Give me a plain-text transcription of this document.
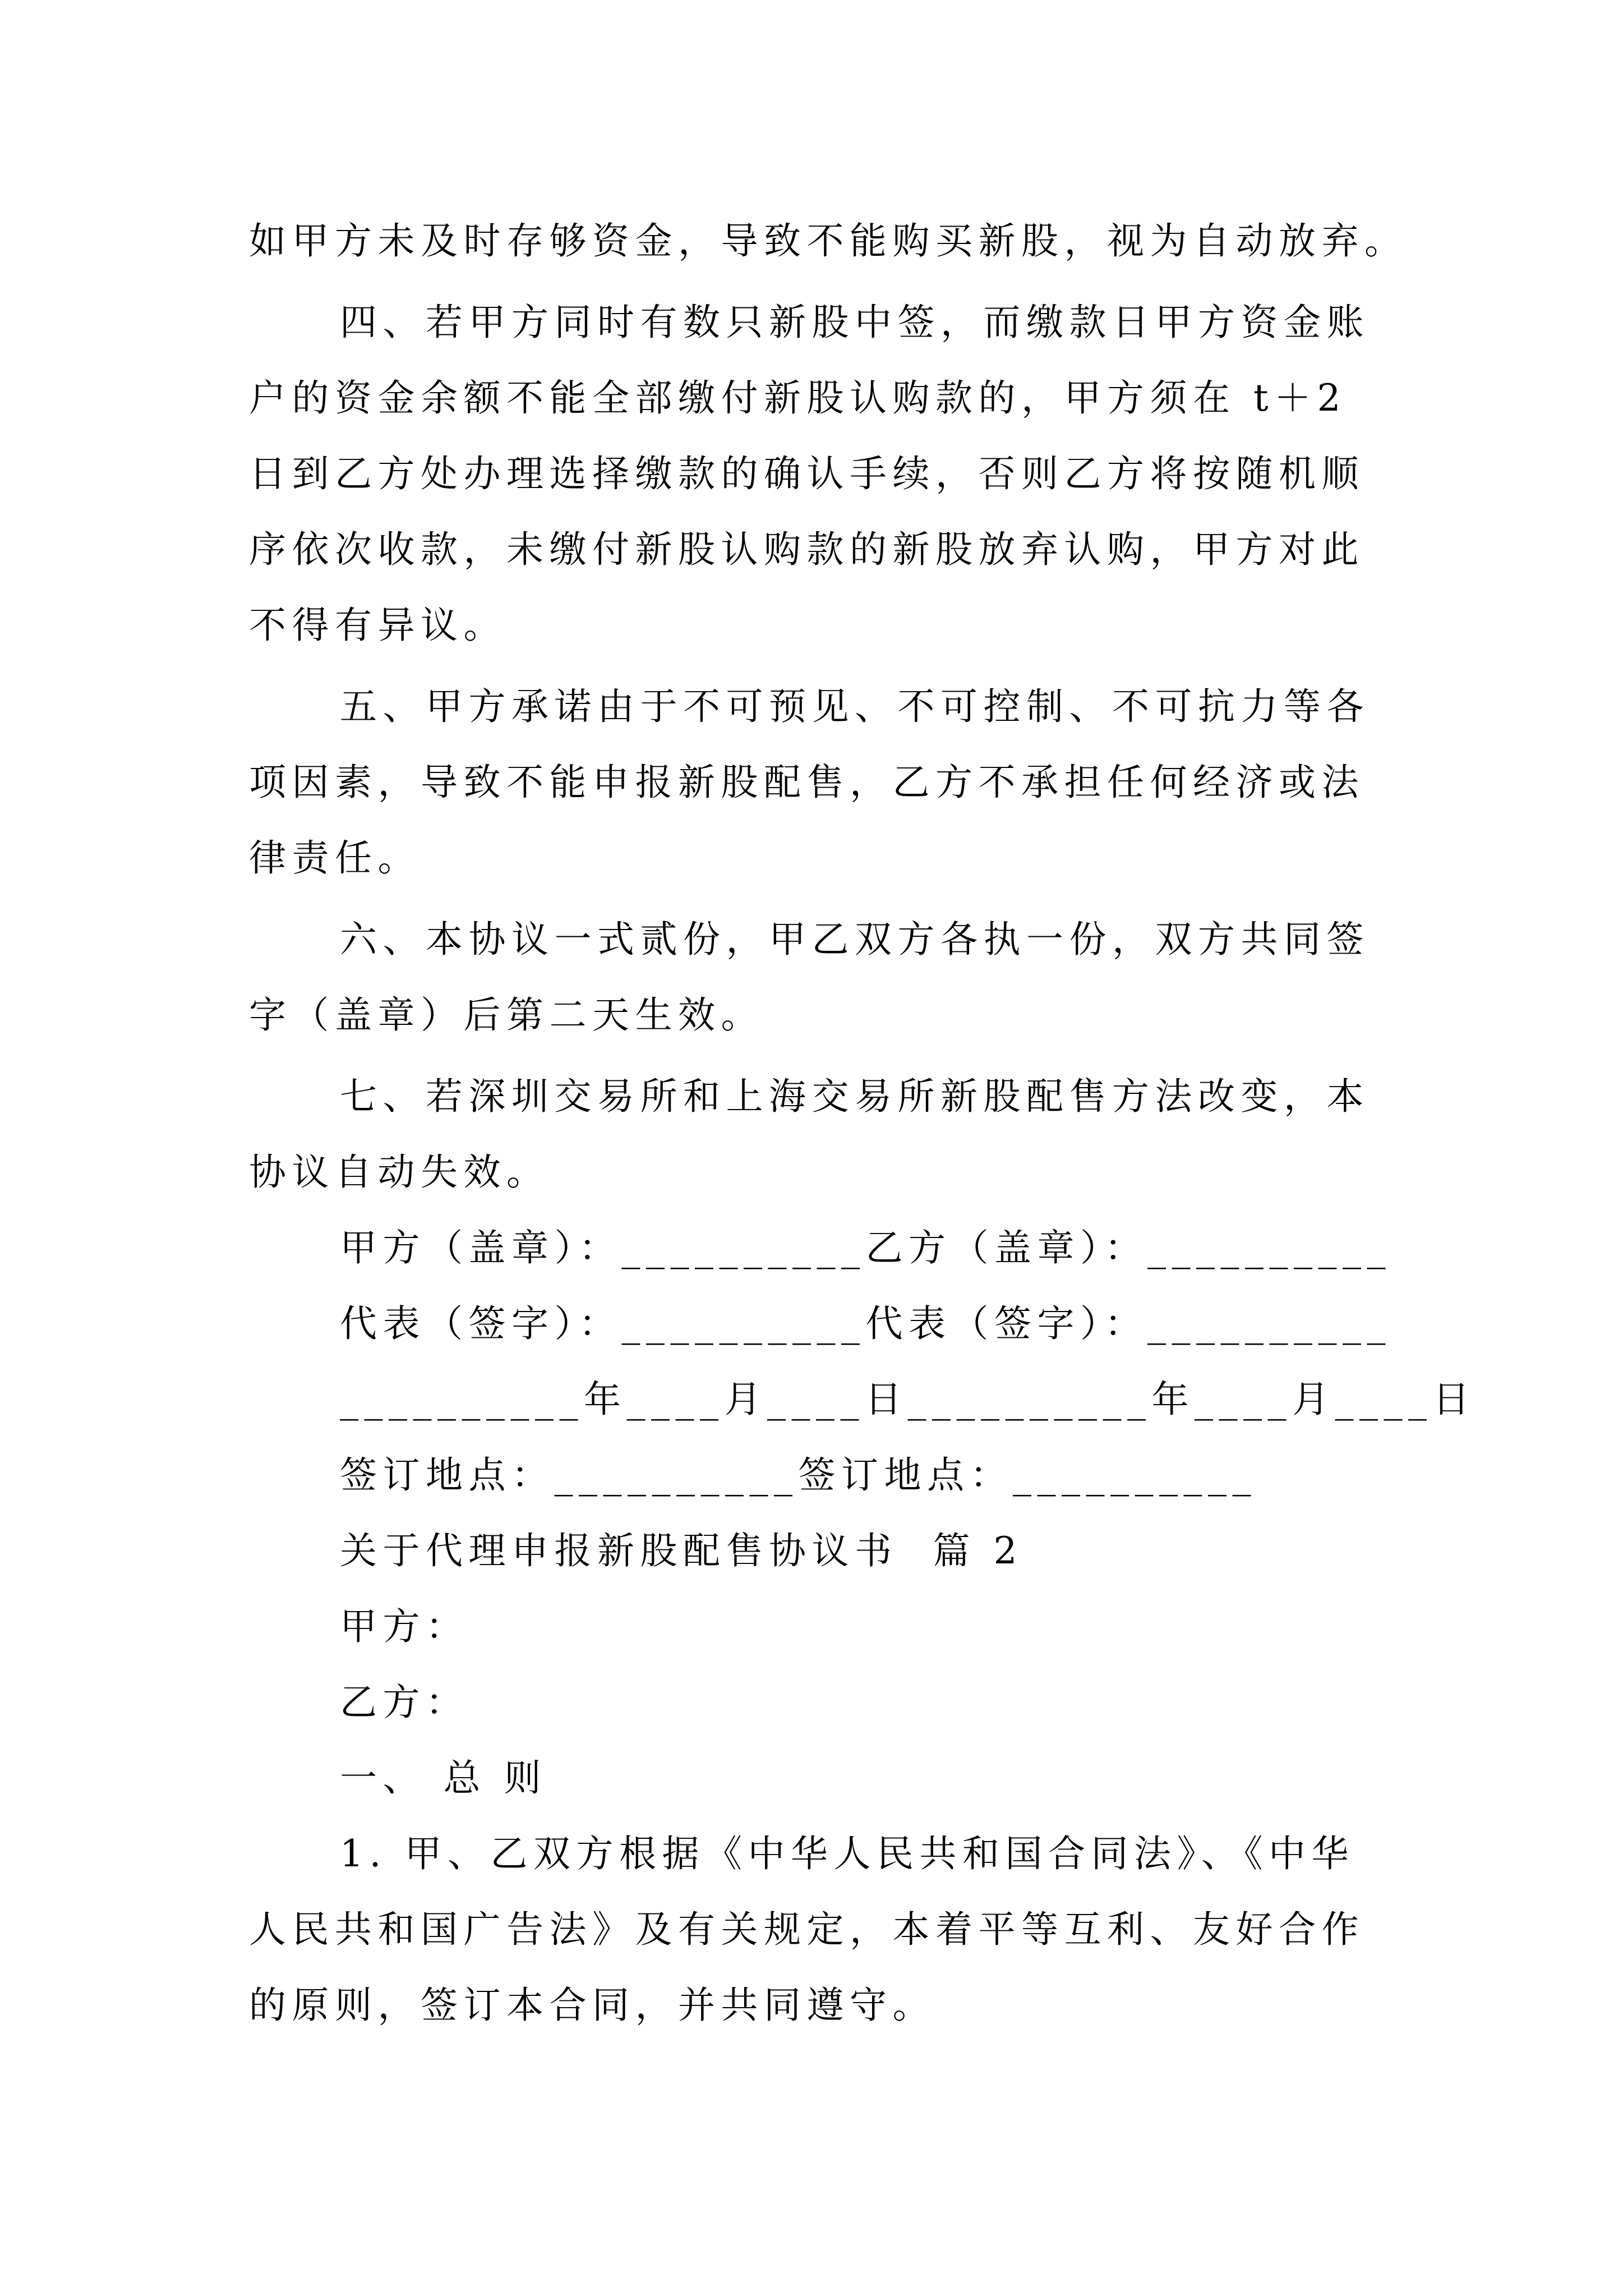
如甲方未及时存够资金，导致不能购买新股，视为自动放弃。
四、若甲方同时有数只新股中签，而缴款日甲方资金账
户的资金余额不能全部缴付新股认购款的，甲方须在 t＋2
日到乙方处办理选择缴款的确认手续，否则乙方将按随机顺
序依次收款，未缴付新股认购款的新股放弃认购，甲方对此
不得有异议。
五、甲方承诺由于不可预见、不可控制、不可抗力等各
项因素，导致不能申报新股配售，乙方不承担任何经济或法
律责任。
六、本协议一式贰份，甲乙双方各执一份，双方共同签
字（盖章）后第二天生效。
七、若深圳交易所和上海交易所新股配售方法改变，本
协议自动失效。
甲方（盖章）：__________乙方（盖章）：__________
代表（签字）：__________代表（签字）：__________
__________年____月____日__________年____月____日
签订地点：__________签订地点：__________
关于代理申报新股配售协议书  篇 2
甲方：
乙方：
一、 总 则
1. 甲、乙双方根据《中华人民共和国合同法》、《中华
人民共和国广告法》及有关规定，本着平等互利、友好合作
的原则，签订本合同，并共同遵守。
